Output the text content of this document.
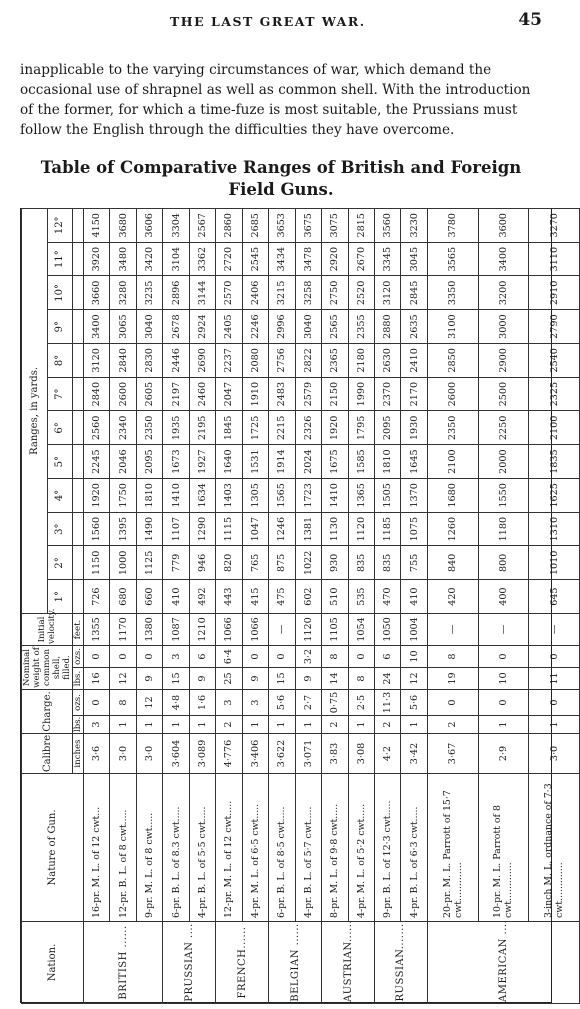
THE LAST GREAT WAR.	45

inapplicable to the varying circumstances of war, which demand the

occasional use of shrapnel as well as common shell. With the introduction

of the former, for which a time-fuze is most suitable, the Prussians must

follow the English through the difficulties they have overcome.

Table of Comparative Ranges of British and Foreign
Field Guns.
Nation.	Nature of Gun.	Calibre.	Charge.		Nominal weight of common shell, filled.		Initial velocity.	Ranges, in yards.											
								1°	2°	3°	4°	5°	6°	7°	8°	9°	10°	11°	12°
		inches	lbs.	ozs.	lbs.	ozs.	feet.												
BRITISH ......	16-pr. M. L. of 12 cwt...	3·6	3	0	16	0	1355	726	1150	1560	1920	2245	2560	2840	3120	3400	3660	3920	4150
	12-pr. B. L. of 8 cwt.....	3·0	1	8	12	0	1170	680	1000	1395	1750	2046	2340	2600	2840	3065	3280	3480	3680
	9-pr. M. L. of 8 cwt.....	3·0	1	12	9	0	1380	660	1125	1490	1810	2095	2350	2605	2830	3040	3235	3420	3606
PRUSSIAN ....	6-pr. B. L. of 8.3 cwt.....	3·604	1	4·8	15	3	1087	410	779	1107	1410	1673	1935	2197	2446	2678	2896	3104	3304
	4-pr. B. L. of 5·5 cwt.....	3·089	1	1·6	9	6	1210	492	946	1290	1634	1927	2195	2460	2690	2924	3144	3362	2567
FRENCH......	12-pr. M. L. of 12 cwt.....	4·776	2	3	25	6·4	1066	443	820	1115	1403	1640	1845	2047	2237	2405	2570	2720	2860
	4-pr. M. L. of 6·5 cwt.....	3·406	1	3	9	0	1066	415	765	1047	1305	1531	1725	1910	2080	2246	2406	2545	2685
BELGIAN ......	6-pr. B. L. of 8·5 cwt.....	3·622	1	5·6	15	0	—	475	875	1246	1565	1914	2215	2483	2756	2996	3215	3434	3653
	4-pr. B. L. of 5·7 cwt.....	3·071	1	2·7	9	3·2	1120	602	1022	1381	1723	2024	2326	2579	2822	3040	3258	3478	3675
AUSTRIAN......	8-pr. M. L. of 9·8 cwt.....	3·83	2	0·75	14	8	1105	510	930	1130	1410	1675	1920	2150	2365	2565	2750	2920	3075
	4-pr. M. L. of 5·2 cwt.....	3·08	1	2·5	8	0	1054	535	835	1120	1365	1585	1795	1990	2180	2355	2520	2670	2815
RUSSIAN.......	9-pr. B. L. of 12·3 cwt.....	4·2	2	11·3	24	6	1050	470	835	1185	1505	1810	2095	2370	2630	2880	3120	3345	3560
	4-pr. B. L. of 6·3 cwt.....	3·42	1	5·6	12	10	1004	410	755	1075	1370	1645	1930	2170	2410	2635	2845	3045	3230
AMERICAN ....	20-pr. M. L. Parrott of 15·7 cwt.............	3·67	2	0	19	8	—	420	840	1260	1680	2100	2350	2600	2850	3100	3350	3565	3780
	10-pr. M. L. Parrott of 8 cwt.............	2·9	1	0	10	0	—	400	800	1180	1550	2000	2250	2500	2900	3000	3200	3400	3600
	3-inch M. L. ordnance of 7·3 cwt.............	3·0	1	0	11	0	—	645	1010	1310	1625	1835	2100	2325	2540	2790	2910	3110	3270
